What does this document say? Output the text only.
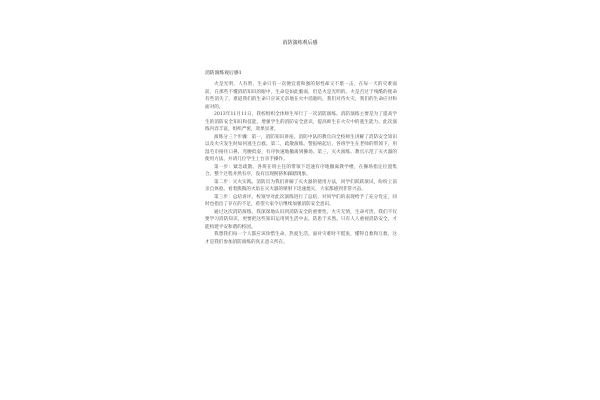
消防演练观后感
消防演练观后感1

火是光明，人有智，生命只有一次便宜着和强的韧性却又不堪一击，在每一天的灾难面前，在那些不懂消防知识的眼中，生命是如此脆弱，但是火是光明的。火是否过于残酷的使命有些消失了，难道我们的生命只应该无奈地在火中消逝吗，我们对待火灾，我们的生命应对和面对的。

2013年11月11日，我校组织全体师生举行了一次消防演练。消防演练主要是为了提高学生的消防安全知识和技能，增强学生的消防安全意识，提高师生在火灾中的逃生能力。此次演练内容丰富，组织严密，效果显著。

演练分三个步骤：第一，消防知识讲座。消防中队的教官向全校师生讲解了消防安全知识以及火灾发生时如何逃生自救。第二，疏散演练。警报响起后，各班学生在老师的带领下，用湿毛巾捂住口鼻，弯腰低姿，有序快速地撤离到操场。第三，灭火演练。教官示范了灭火器的使用方法，并请几位学生上台亲手操作。

第一步：紧急疏散。各班在班主任的带领下迅速有序地撤离教学楼，在操场指定位置集合。整个过程井然有序，没有出现拥挤和踩踏现象。

第二步：灭火实践。消防员为我们讲解了灭火器的使用方法，同学们跃跃欲试，纷纷上前亲自体验。看着熊熊的火焰在灭火器的喷射下迅速熄灭，大家都感到非常兴奋。

第三步：总结讲评。校领导对此次演练进行了总结，对同学们的表现给予了充分肯定，同时也指出了存在的不足，希望大家今后继续加强消防安全意识。

通过这次消防演练，我深深地认识到消防安全的重要性。火灾无情，生命可贵。我们不仅要学习消防知识，更要把这些知识运用到生活中去，防患于未然。只有人人重视消防安全，才能构建平安和谐的校园。

我想我们每一个人都应该珍惜生命，热爱生活。面对灾难时不慌张，懂得自救和互救，这才是我们参加消防演练的真正意义所在。
